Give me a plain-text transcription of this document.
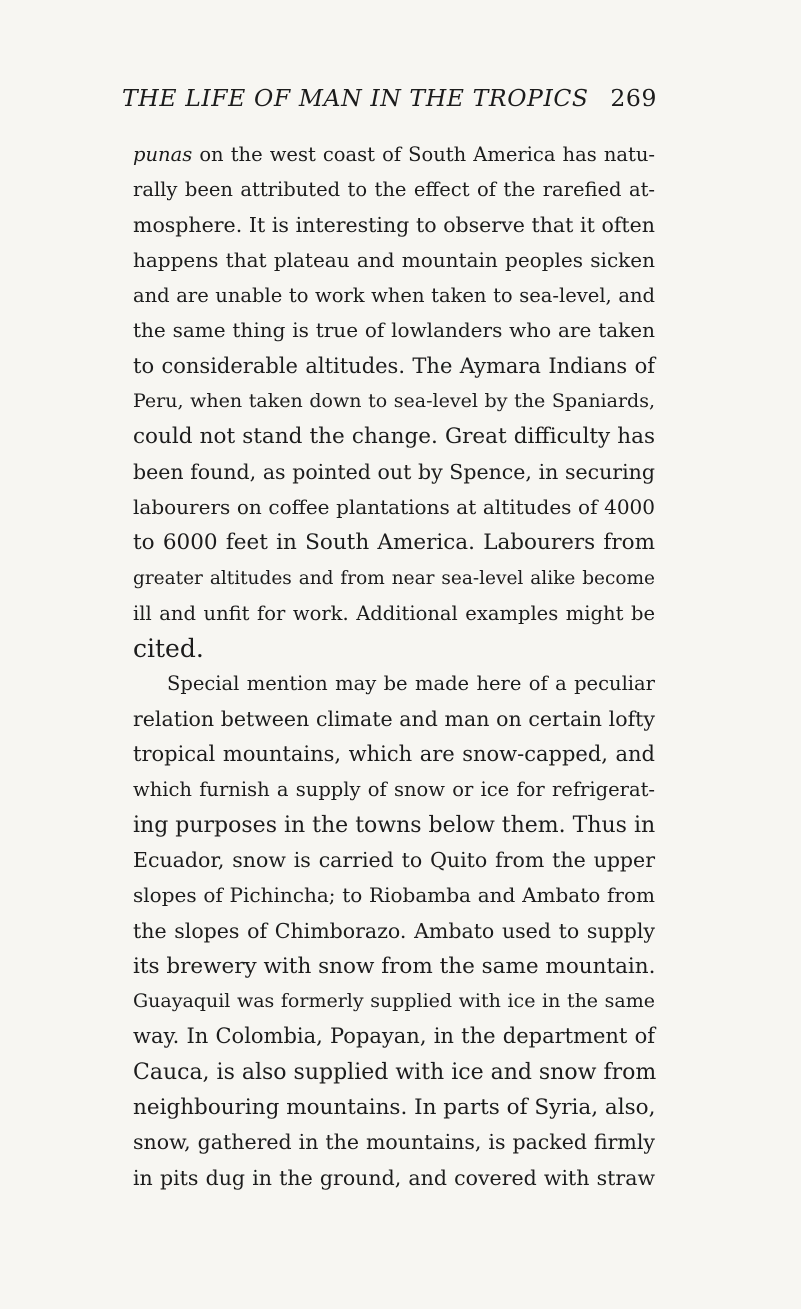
THE LIFE OF MAN IN THE TROPICS 269
punas on the west coast of South America has natu-
rally been attributed to the effect of the rarefied at-
mosphere. It is interesting to observe that it often
happens that plateau and mountain peoples sicken
and are unable to work when taken to sea-level, and
the same thing is true of lowlanders who are taken
to considerable altitudes. The Aymara Indians of
Peru, when taken down to sea-level by the Spaniards,
could not stand the change. Great difficulty has
been found, as pointed out by Spence, in securing
labourers on coffee plantations at altitudes of 4000
to 6000 feet in South America. Labourers from
greater altitudes and from near sea-level alike become
ill and unfit for work. Additional examples might be
cited.
Special mention may be made here of a peculiar
relation between climate and man on certain lofty
tropical mountains, which are snow-capped, and
which furnish a supply of snow or ice for refrigerat-
ing purposes in the towns below them. Thus in
Ecuador, snow is carried to Quito from the upper
slopes of Pichincha; to Riobamba and Ambato from
the slopes of Chimborazo. Ambato used to supply
its brewery with snow from the same mountain.
Guayaquil was formerly supplied with ice in the same
way. In Colombia, Popayan, in the department of
Cauca, is also supplied with ice and snow from
neighbouring mountains. In parts of Syria, also,
snow, gathered in the mountains, is packed firmly
in pits dug in the ground, and covered with straw
